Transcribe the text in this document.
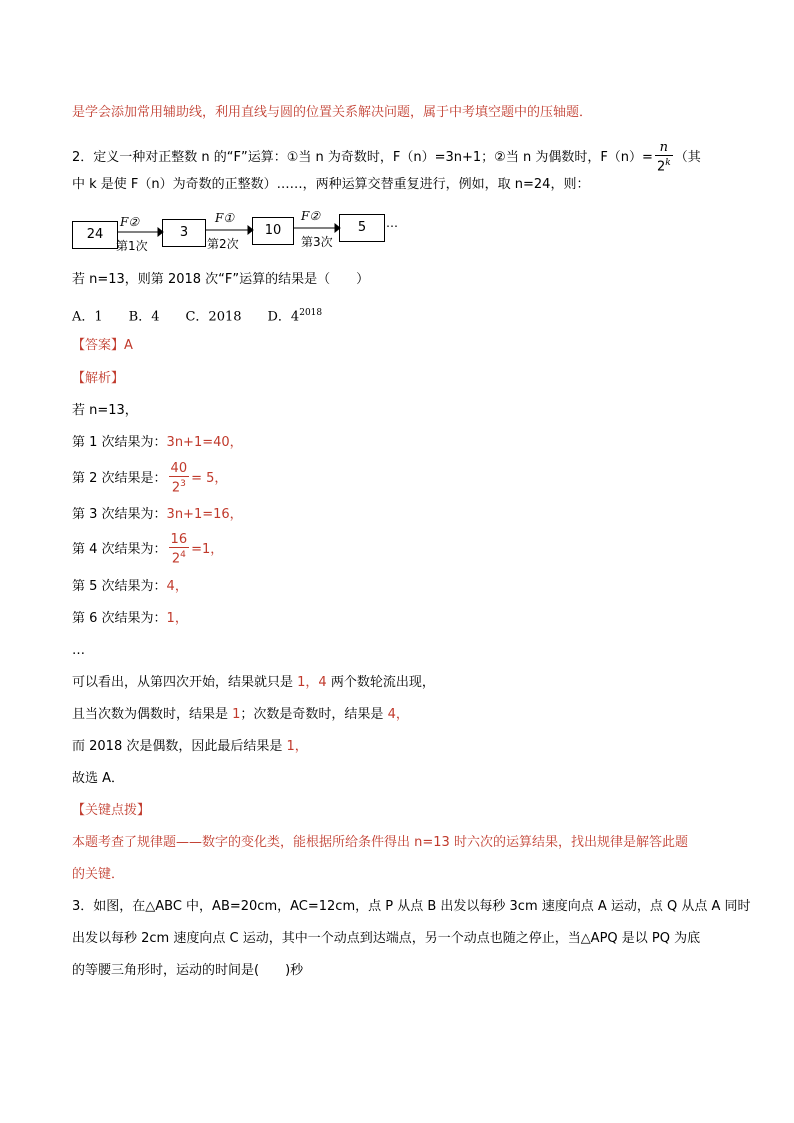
是学会添加常用辅助线，利用直线与圆的位置关系解决问题，属于中考填空题中的压轴题．
2．定义一种对正整数 n 的“F”运算：①当 n 为奇数时，F（n）=3n+1；②当 n 为偶数时，$F(n)= \frac{n}{2^k}$ （其
中 k 是使 F（n）为奇数的正整数）……，两种运算交替重复进行，例如，取 n=24，则：
24	3	10	5
F②	F①	F②
第1次	第2次	第3次
…
若 n=13，则第 2018 次“F”运算的结果是（　　）
A．1　　B．4　　C．2018　　D．$4^{2018}$
【答案】A
【解析】
若 n=13，
第 1 次结果为：3n+1=40，
第 2 次结果是： $\frac{40}{2^3} = 5$，
第 3 次结果为：3n+1=16，
第 4 次结果为： $\frac{16}{2^4} =1$，
第 5 次结果为：4，
第 6 次结果为：1，
…
可以看出，从第四次开始，结果就只是 1，4 两个数轮流出现，
且当次数为偶数时，结果是 1；次数是奇数时，结果是 4，
而 2018 次是偶数，因此最后结果是 1，
故选 A．
【关键点拨】
本题考查了规律题——数字的变化类，能根据所给条件得出 n=13 时六次的运算结果，找出规律是解答此题
的关键．
3．如图，在△ABC 中，AB=20cm，AC=12cm，点 P 从点 B 出发以每秒 3cm 速度向点 A 运动，点 Q 从点 A 同时
出发以每秒 2cm 速度向点 C 运动，其中一个动点到达端点，另一个动点也随之停止，当△APQ 是以 PQ 为底
的等腰三角形时，运动的时间是(　　)秒
